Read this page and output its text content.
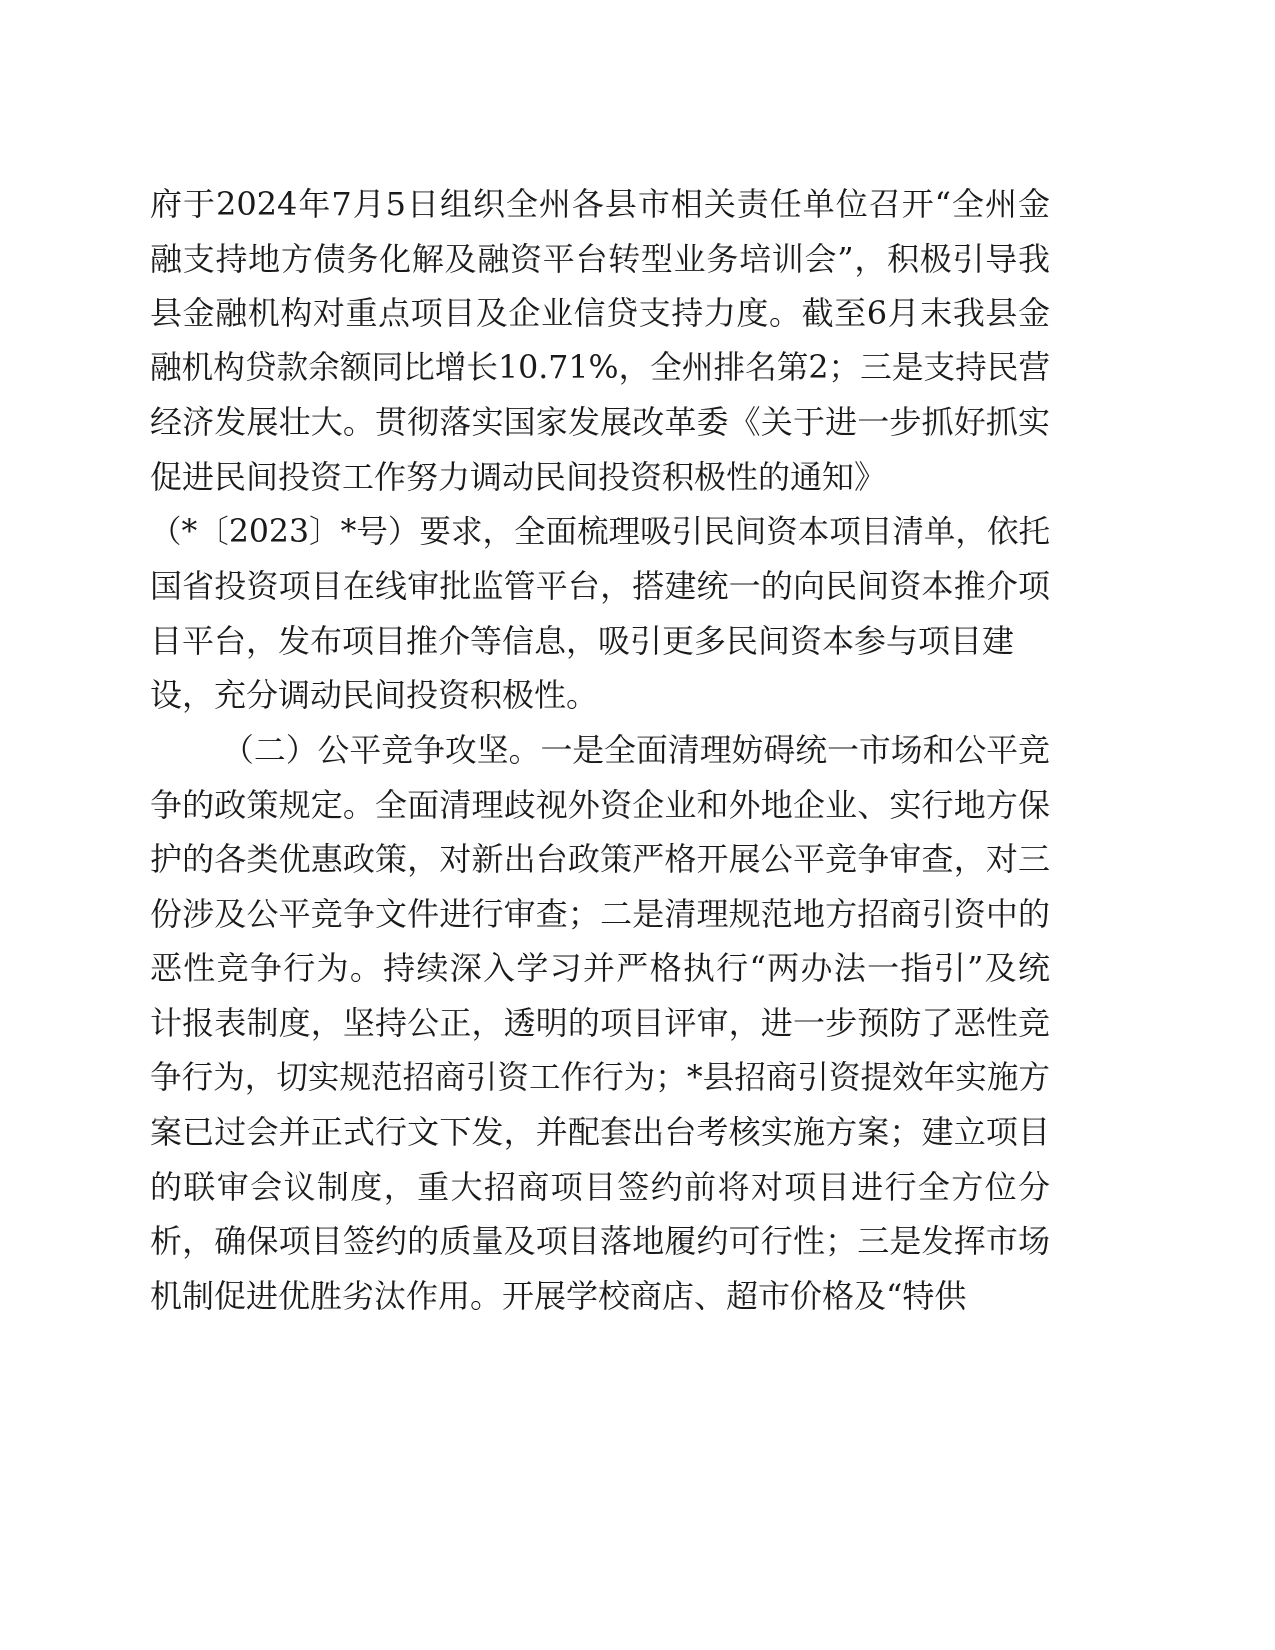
府于2024年7月5日组织全州各县市相关责任单位召开“全州金
融支持地方债务化解及融资平台转型业务培训会”，积极引导我
县金融机构对重点项目及企业信贷支持力度。截至6月末我县金
融机构贷款余额同比增长10.71%，全州排名第2；三是支持民营
经济发展壮大。贯彻落实国家发展改革委《关于进一步抓好抓实
促进民间投资工作努力调动民间投资积极性的通知》
（*〔2023〕*号）要求，全面梳理吸引民间资本项目清单，依托
国省投资项目在线审批监管平台，搭建统一的向民间资本推介项
目平台，发布项目推介等信息，吸引更多民间资本参与项目建
设，充分调动民间投资积极性。
（二）公平竞争攻坚。一是全面清理妨碍统一市场和公平竞
争的政策规定。全面清理歧视外资企业和外地企业、实行地方保
护的各类优惠政策，对新出台政策严格开展公平竞争审查，对三
份涉及公平竞争文件进行审查；二是清理规范地方招商引资中的
恶性竞争行为。持续深入学习并严格执行“两办法一指引”及统
计报表制度，坚持公正，透明的项目评审，进一步预防了恶性竞
争行为，切实规范招商引资工作行为；*县招商引资提效年实施方
案已过会并正式行文下发，并配套出台考核实施方案；建立项目
的联审会议制度，重大招商项目签约前将对项目进行全方位分
析，确保项目签约的质量及项目落地履约可行性；三是发挥市场
机制促进优胜劣汰作用。开展学校商店、超市价格及“特供
